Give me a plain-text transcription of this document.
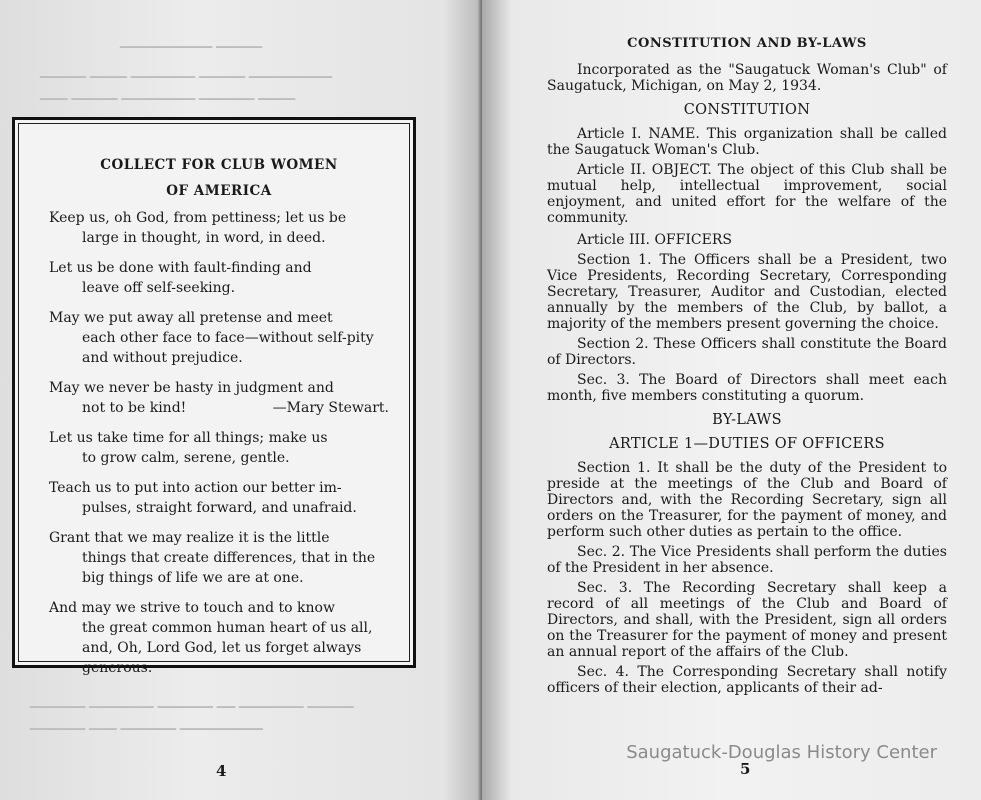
▁▁▁▁▁ ▁▁▁▁▁▁▁▁▁▁
▁▁▁▁▁▁▁▁▁ ▁▁▁▁▁ ▁▁▁▁▁▁▁ ▁▁▁▁ ▁▁▁▁▁
▁▁▁▁ ▁▁▁▁▁▁ ▁▁▁▁▁▁▁▁ ▁▁▁▁▁ ▁▁▁
▁▁▁▁▁ ▁▁▁▁▁▁▁ ▁▁ ▁▁▁▁▁▁ ▁▁▁▁▁▁▁ ▁▁▁▁▁▁
▁▁▁▁▁▁▁▁▁ ▁▁▁▁▁▁ ▁▁▁ ▁▁▁▁▁▁

COLLECT FOR CLUB WOMEN

OF AMERICA

Keep us, oh God, from pettiness; let us be
large in thought, in word, in deed.
Let us be done with fault-finding and
leave off self-seeking.
May we put away all pretense and meet
each other face to face—without self-pity and without prejudice.
May we never be hasty in judgment and
not to be kind!	—Mary Stewart.
Let us take time for all things; make us
to grow calm, serene, gentle.
Teach us to put into action our better im-
pulses, straight forward, and unafraid.
Grant that we may realize it is the little
things that create differences, that in the big things of life we are at one.
And may we strive to touch and to know
the great common human heart of us all, and, Oh, Lord God, let us forget always generous.
4

CONSTITUTION AND BY-LAWS

Incorporated as the "Saugatuck Woman's Club" of Saugatuck, Michigan, on May 2, 1934.

CONSTITUTION

Article I. NAME. This organization shall be called the Saugatuck Woman's Club.

Article II. OBJECT. The object of this Club shall be mutual help, intellectual improvement, social enjoyment, and united effort for the welfare of the community.

Article III. OFFICERS

Section 1. The Officers shall be a President, two Vice Presidents, Recording Secretary, Corresponding Secretary, Treasurer, Auditor and Custodian, elected annually by the members of the Club, by ballot, a majority of the members present governing the choice.

Section 2. These Officers shall constitute the Board of Directors.

Sec. 3. The Board of Directors shall meet each month, five members constituting a quorum.

BY-LAWS

ARTICLE 1—DUTIES OF OFFICERS

Section 1. It shall be the duty of the President to preside at the meetings of the Club and Board of Directors and, with the Recording Secretary, sign all orders on the Treasurer, for the payment of money, and perform such other duties as pertain to the office.

Sec. 2. The Vice Presidents shall perform the duties of the President in her absence.

Sec. 3. The Recording Secretary shall keep a record of all meetings of the Club and Board of Directors, and shall, with the President, sign all orders on the Treasurer for the payment of money and present an annual report of the affairs of the Club.

Sec. 4. The Corresponding Secretary shall notify officers of their election, applicants of their ad-

5
Saugatuck-Douglas History Center
